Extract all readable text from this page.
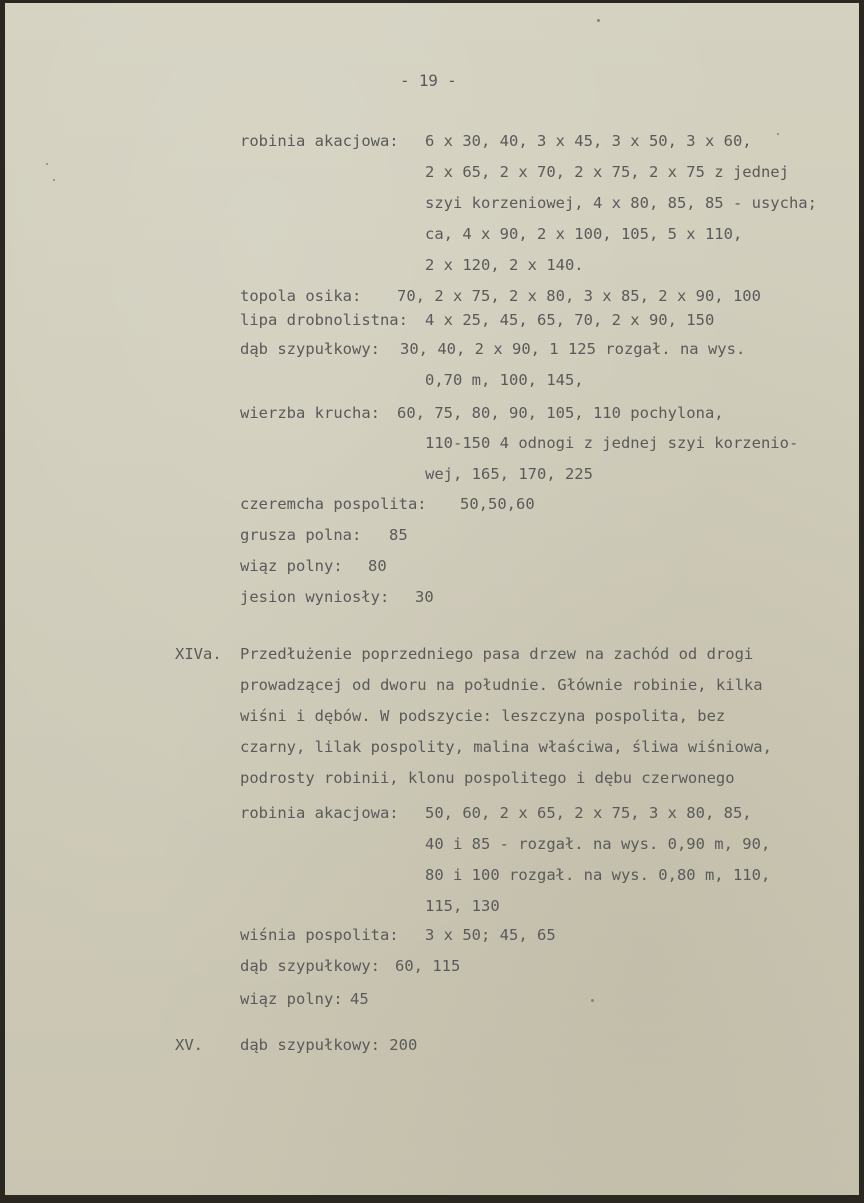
- 19 -
robinia akacjowa: 6 x 30, 40, 3 x 45, 3 x 50, 3 x 60,
2 x 65, 2 x 70, 2 x 75, 2 x 75 z jednej
szyi korzeniowej, 4 x 80, 85, 85 - usycha;
ca, 4 x 90, 2 x 100, 105, 5 x 110,
2 x 120, 2 x 140.
topola osika: 70, 2 x 75, 2 x 80, 3 x 85, 2 x 90, 100
lipa drobnolistna: 4 x 25, 45, 65, 70, 2 x 90, 150
dąb szypułkowy: 30, 40, 2 x 90, 1 125 rozgał. na wys.
0,70 m, 100, 145,
wierzba krucha: 60, 75, 80, 90, 105, 110 pochylona,
110-150 4 odnogi z jednej szyi korzenio-
wej, 165, 170, 225
czeremcha pospolita: 50,50,60
grusza polna: 85
wiąz polny: 80
jesion wyniosły: 30
XIVa. Przedłużenie poprzedniego pasa drzew na zachód od drogi
prowadzącej od dworu na południe. Głównie robinie, kilka
wiśni i dębów. W podszycie: leszczyna pospolita, bez
czarny, lilak pospolity, malina właściwa, śliwa wiśniowa,
podrosty robinii, klonu pospolitego i dębu czerwonego
robinia akacjowa: 50, 60, 2 x 65, 2 x 75, 3 x 80, 85,
40 i 85 - rozgał. na wys. 0,90 m, 90,
80 i 100 rozgał. na wys. 0,80 m, 110,
115, 130
wiśnia pospolita: 3 x 50; 45, 65
dąb szypułkowy: 60, 115
wiąz polny: 45
XV. dąb szypułkowy: 200
